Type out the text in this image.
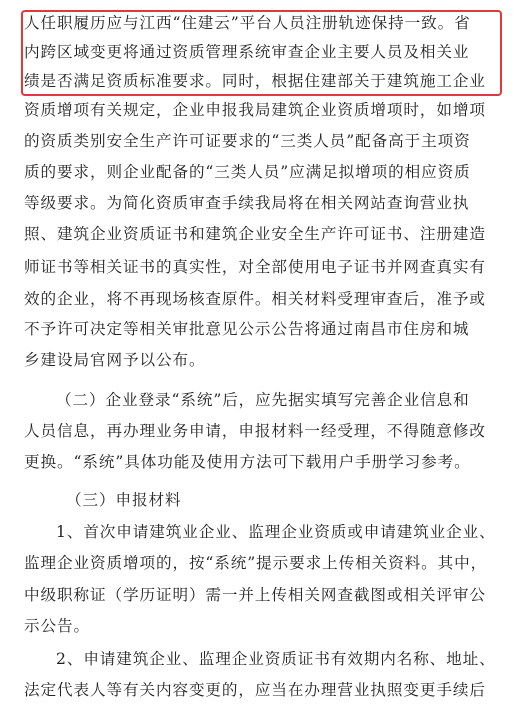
人任职履历应与江西“住建云”平台人员注册轨迹保持一致。省
内跨区域变更将通过资质管理系统审查企业主要人员及相关业
绩是否满足资质标准要求。同时，根据住建部关于建筑施工企业
资质增项有关规定，企业申报我局建筑企业资质增项时，如增项
的资质类别安全生产许可证要求的“三类人员”配备高于主项资
质的要求，则企业配备的“三类人员”应满足拟增项的相应资质
等级要求。为简化资质审查手续我局将在相关网站查询营业执
照、建筑企业资质证书和建筑企业安全生产许可证书、注册建造
师证书等相关证书的真实性，对全部使用电子证书并网查真实有
效的企业，将不再现场核查原件。相关材料受理审查后，准予或
不予许可决定等相关审批意见公示公告将通过南昌市住房和城
乡建设局官网予以公布。
（二）企业登录“系统”后，应先据实填写完善企业信息和
人员信息，再办理业务申请，申报材料一经受理，不得随意修改
更换。“系统”具体功能及使用方法可下载用户手册学习参考。
（三）申报材料
1、首次申请建筑业企业、监理企业资质或申请建筑业企业、
监理企业资质增项的，按“系统”提示要求上传相关资料。其中，
中级职称证（学历证明）需一并上传相关网查截图或相关评审公
示公告。
2、申请建筑企业、监理企业资质证书有效期内名称、地址、
法定代表人等有关内容变更的，应当在办理营业执照变更手续后
